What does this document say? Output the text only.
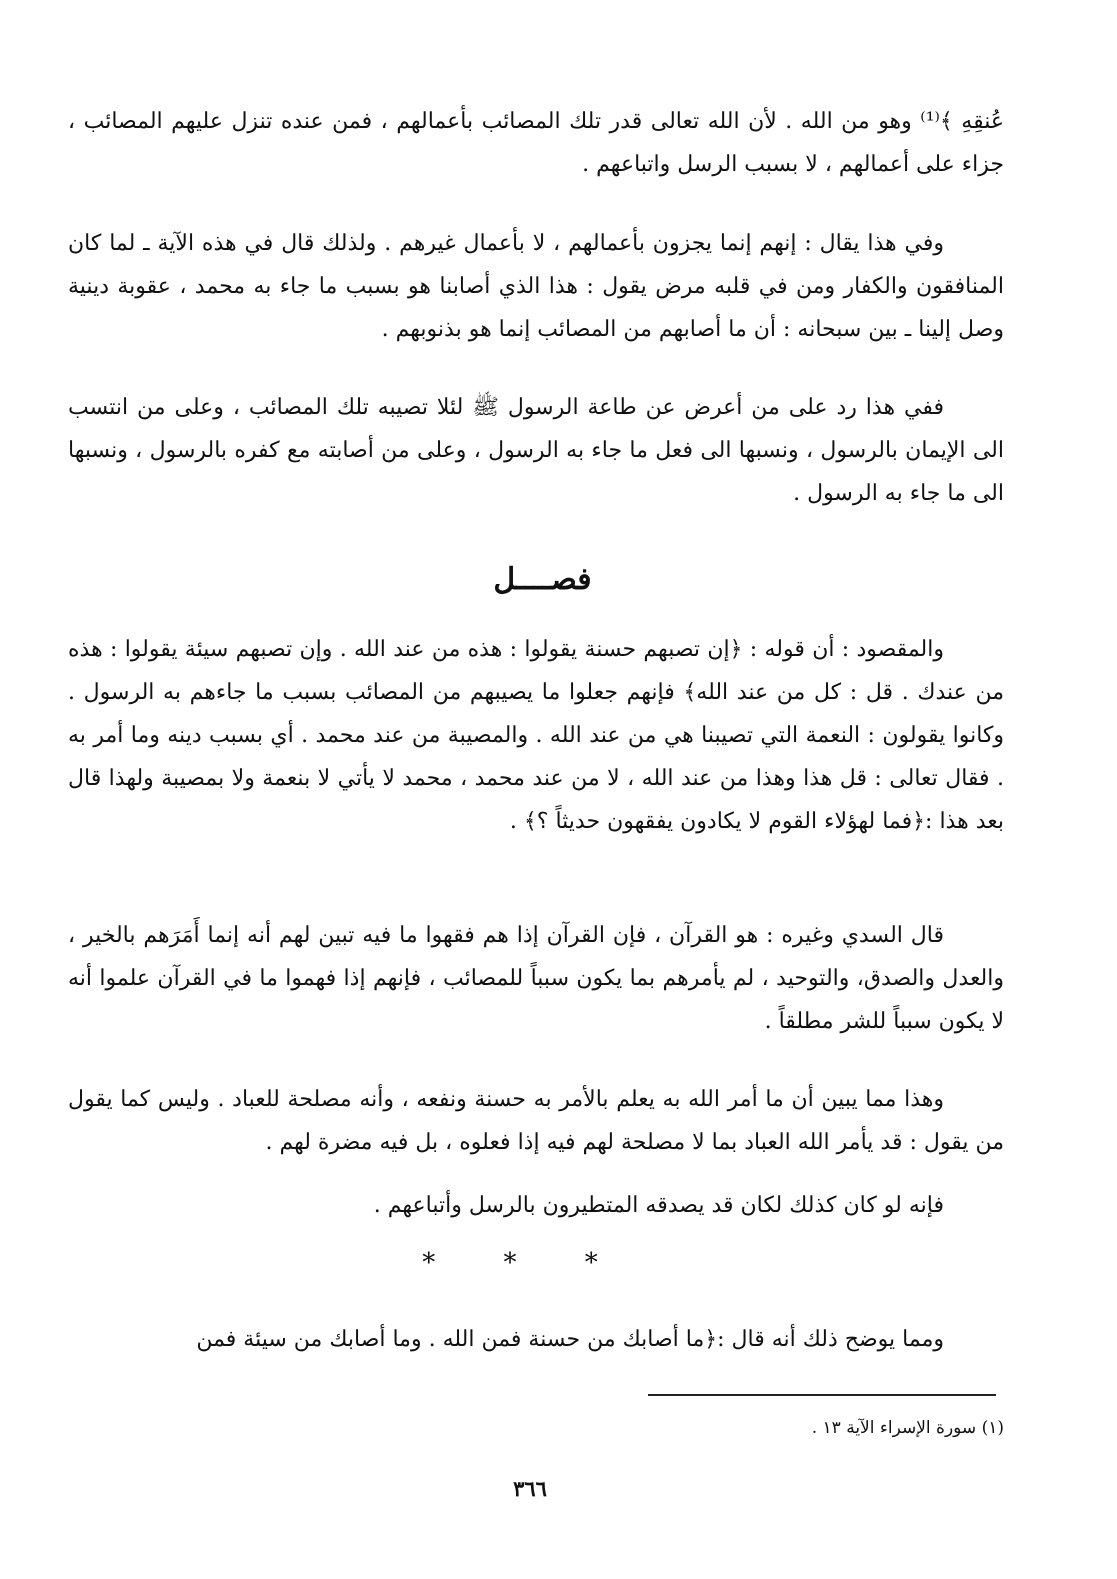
عُنقِهِ ﴾⁽¹⁾ وهو من الله . لأن الله تعالى قدر تلك المصائب بأعمالهم ، فمن عنده تنزل عليهم المصائب ، جزاء على أعمالهم ، لا بسبب الرسل واتباعهم .

وفي هذا يقال : إنهم إنما يجزون بأعمالهم ، لا بأعمال غيرهم . ولذلك قال في هذه الآية ـ لما كان المنافقون والكفار ومن في قلبه مرض يقول : هذا الذي أصابنا هو بسبب ما جاء به محمد ، عقوبة دينية وصل إلينا ـ بين سبحانه : أن ما أصابهم من المصائب إنما هو بذنوبهم .

ففي هذا رد على من أعرض عن طاعة الرسول ﷺ لئلا تصيبه تلك المصائب ، وعلى من انتسب الى الإيمان بالرسول ، ونسبها الى فعل ما جاء به الرسول ، وعلى من أصابته مع كفره بالرسول ، ونسبها الى ما جاء به الرسول .

فصــــل

والمقصود : أن قوله : ﴿إن تصبهم حسنة يقولوا : هذه من عند الله . وإن تصبهم سيئة يقولوا : هذه من عندك . قل : كل من عند الله﴾ فإنهم جعلوا ما يصيبهم من المصائب بسبب ما جاءهم به الرسول . وكانوا يقولون : النعمة التي تصيبنا هي من عند الله . والمصيبة من عند محمد . أي بسبب دينه وما أمر به . فقال تعالى : قل هذا وهذا من عند الله ، لا من عند محمد ، محمد لا يأتي لا بنعمة ولا بمصيبة ولهذا قال بعد هذا :﴿فما لهؤلاء القوم لا يكادون يفقهون حديثاً ؟﴾ .

قال السدي وغيره : هو القرآن ، فإن القرآن إذا هم فقهوا ما فيه تبين لهم أنه إنما أَمَرَهم بالخير ، والعدل والصدق، والتوحيد ، لم يأمرهم بما يكون سبباً للمصائب ، فإنهم إذا فهموا ما في القرآن علموا أنه لا يكون سبباً للشر مطلقاً .

وهذا مما يبين أن ما أمر الله به يعلم بالأمر به حسنة ونفعه ، وأنه مصلحة للعباد . وليس كما يقول من يقول : قد يأمر الله العباد بما لا مصلحة لهم فيه إذا فعلوه ، بل فيه مضرة لهم .

فإنه لو كان كذلك لكان قد يصدقه المتطيرون بالرسل وأتباعهم .

* * *

ومما يوضح ذلك أنه قال :﴿ما أصابك من حسنة فمن الله . وما أصابك من سيئة فمن

(١) سورة الإسراء الآية ١٣ .

٣٦٦
